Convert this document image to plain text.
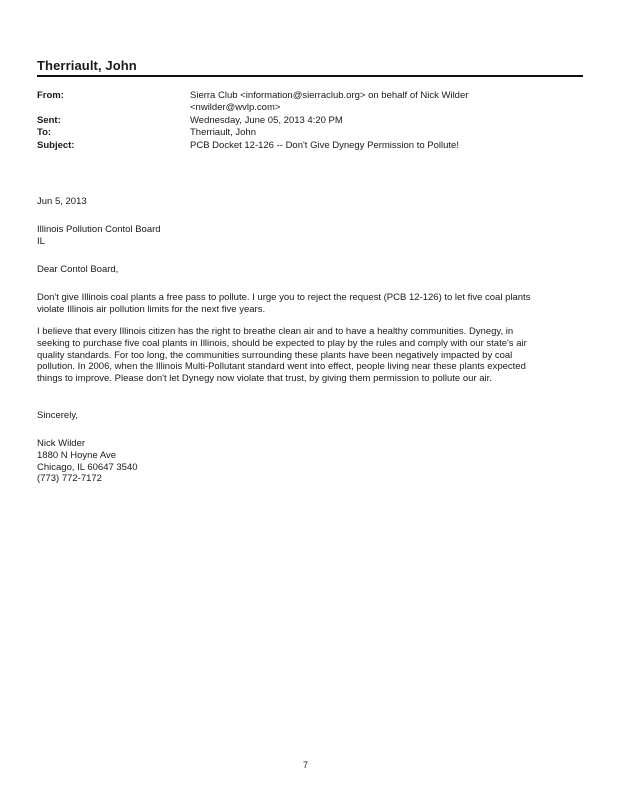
Therriault, John
From:	Sierra Club <information@sierraclub.org> on behalf of Nick Wilder
<nwilder@wvlp.com>
Sent:	Wednesday, June 05, 2013 4:20 PM
To:	Therriault, John
Subject:	PCB Docket 12-126 -- Don't Give Dynegy Permission to Pollute!
Jun 5, 2013
Illinois Pollution Contol Board
IL
Dear Contol Board,
Don't give Illinois coal plants a free pass to pollute. I urge you to reject the request (PCB 12-126) to let five coal plants
violate Illinois air pollution limits for the next five years.
I believe that every Illinois citizen has the right to breathe clean air and to have a healthy communities. Dynegy, in
seeking to purchase five coal plants in Illinois, should be expected to play by the rules and comply with our state's air
quality standards. For too long, the communities surrounding these plants have been negatively impacted by coal
pollution. In 2006, when the Illinois Multi-Pollutant standard went into effect, people living near these plants expected
things to improve. Please don't let Dynegy now violate that trust, by giving them permission to pollute our air.
Sincerely,
Nick Wilder
1880 N Hoyne Ave
Chicago, IL 60647 3540
(773) 772-7172
7
